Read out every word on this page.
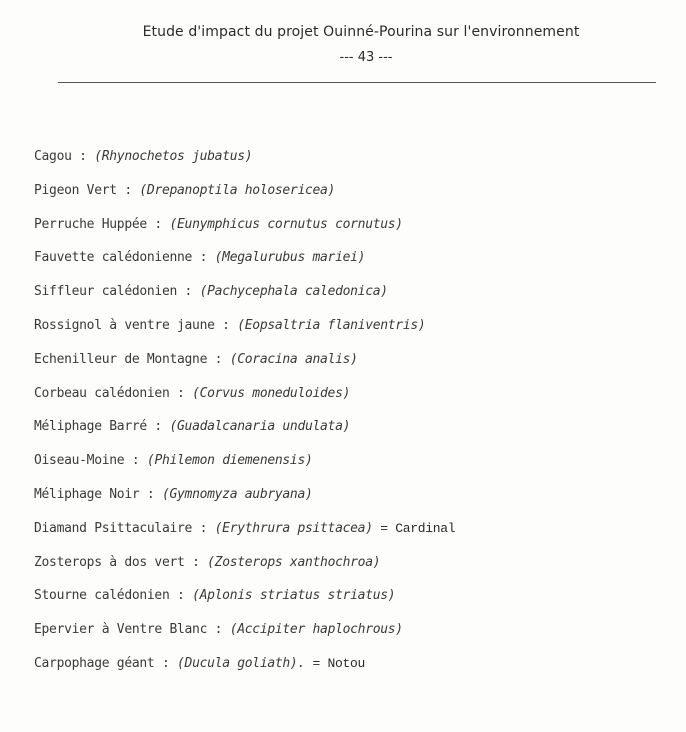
Etude d'impact du projet Ouinné-Pourina sur l'environnement
--- 43 ---
Cagou : (Rhynochetos jubatus)
Pigeon Vert : (Drepanoptila holosericea)
Perruche Huppée : (Eunymphicus cornutus cornutus)
Fauvette calédonienne : (Megalurubus mariei)
Siffleur calédonien : (Pachycephala caledonica)
Rossignol à ventre jaune : (Eopsaltria flaniventris)
Echenilleur de Montagne : (Coracina analis)
Corbeau calédonien : (Corvus moneduloides)
Méliphage Barré : (Guadalcanaria undulata)
Oiseau-Moine : (Philemon diemenensis)
Méliphage Noir : (Gymnomyza aubryana)
Diamand Psittaculaire : (Erythrura psittacea) = Cardinal
Zosterops à dos vert : (Zosterops xanthochroa)
Stourne calédonien : (Aplonis striatus striatus)
Epervier à Ventre Blanc : (Accipiter haplochrous)
Carpophage géant : (Ducula goliath). = Notou
